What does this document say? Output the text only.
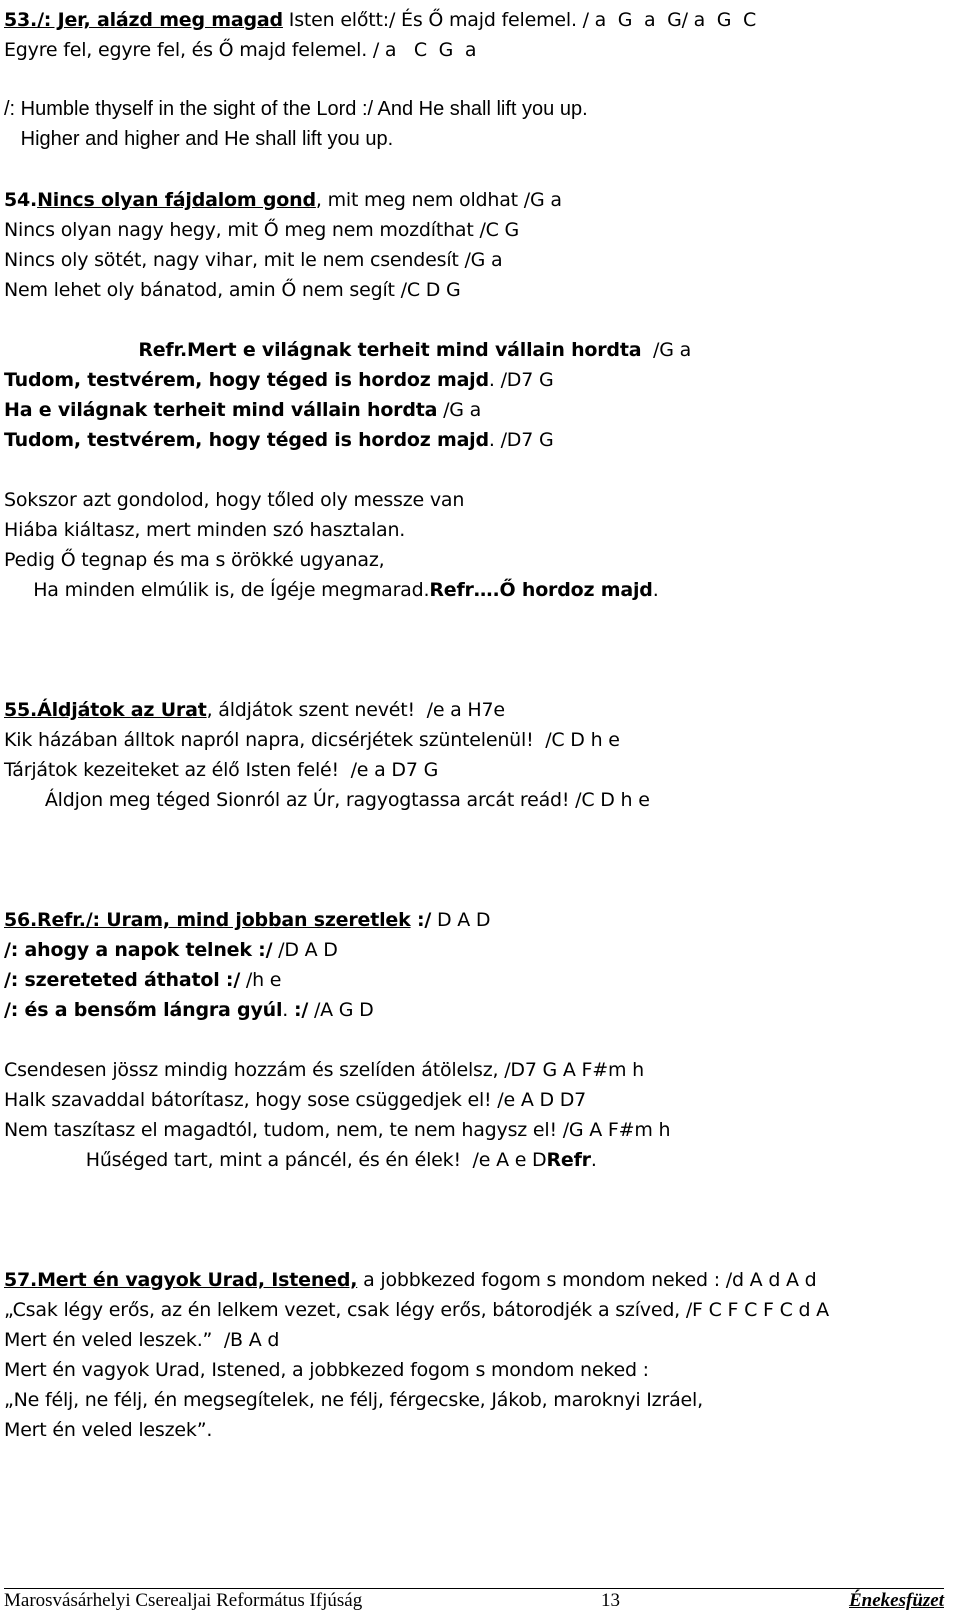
53./: Jer, alázd meg magad Isten előtt:/ És Ő majd felemel. / a  G  a  G/ a  G  C
Egyre fel, egyre fel, és Ő majd felemel. / a   C  G  a
/: Humble thyself in the sight of the Lord :/ And He shall lift you up.
Higher and higher and He shall lift you up.
54.Nincs olyan fájdalom gond, mit meg nem oldhat /G a
Nincs olyan nagy hegy, mit Ő meg nem mozdíthat /C G
Nincs oly sötét, nagy vihar, mit le nem csendesít /G a
Nem lehet oly bánatod, amin Ő nem segít /C D G
Refr.Mert e világnak terheit mind vállain hordta  /G a
Tudom, testvérem, hogy téged is hordoz majd. /D7 G
Ha e világnak terheit mind vállain hordta /G a
Tudom, testvérem, hogy téged is hordoz majd. /D7 G
Sokszor azt gondolod, hogy tőled oly messze van
Hiába kiáltasz, mert minden szó hasztalan.
Pedig Ő tegnap és ma s örökké ugyanaz,
Ha minden elmúlik is, de Ígéje megmarad.Refr….Ő hordoz majd.
55.Áldjátok az Urat, áldjátok szent nevét!  /e a H7e
Kik házában álltok napról napra, dicsérjétek szüntelenül!  /C D h e
Tárjátok kezeiteket az élő Isten felé!  /e a D7 G
Áldjon meg téged Sionról az Úr, ragyogtassa arcát reád! /C D h e
56.Refr./: Uram, mind jobban szeretlek :/ D A D
/: ahogy a napok telnek :/ /D A D
/: szereteted áthatol :/ /h e
/: és a bensőm lángra gyúl. :/ /A G D
Csendesen jössz mindig hozzám és szelíden átölelsz, /D7 G A F#m h
Halk szavaddal bátorítasz, hogy sose csüggedjek el! /e A D D7
Nem taszítasz el magadtól, tudom, nem, te nem hagysz el! /G A F#m h
Hűséged tart, mint a páncél, és én élek!  /e A e DRefr.
57.Mert én vagyok Urad, Istened, a jobbkezed fogom s mondom neked : /d A d A d
„Csak légy erős, az én lelkem vezet, csak légy erős, bátorodjék a szíved, /F C F C F C d A
Mert én veled leszek.”  /B A d
Mert én vagyok Urad, Istened, a jobbkezed fogom s mondom neked :
„Ne félj, ne félj, én megsegítelek, ne félj, férgecske, Jákob, maroknyi Izráel,
Mert én veled leszek”.
Marosvásárhelyi Cserealjai Református Ifjúság	13	Énekesfüzet
